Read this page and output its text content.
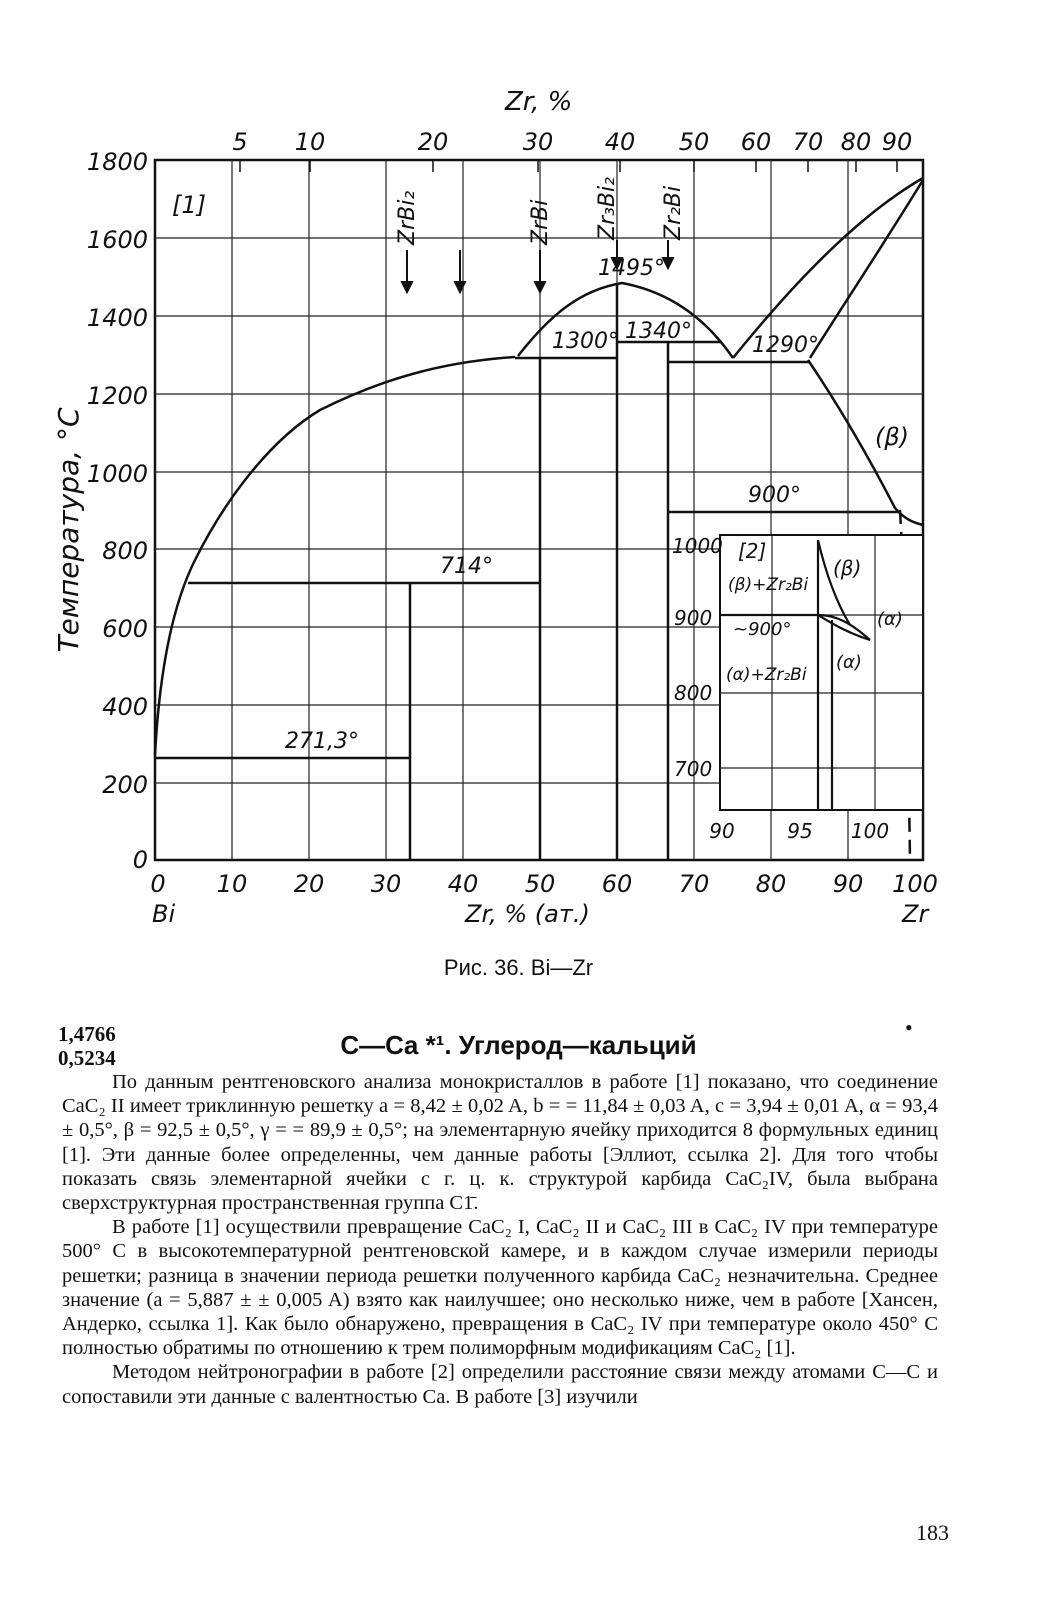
Zr, %
5 10	20	30 40 50 60 70 80 90
0
200
400
600
800
1000
1200
1400
1600
1800
Температура, °C
0 10 20 30 40 50 60 70 80 90 100
Zr, % (ат.)
Bi	Zr
[1]	ZrBi₂	ZrBi Zr₃Bi₂ Zr₂Bi
1495°
1300° 1340°
1290°
(β)
900°
714°
(α)
271,3°
1000
900
800
700
90	95 100
[2]
(β)+Zr₂Bi
(β)
~900°
(α)+Zr₂Bi
(α)
Рис. 36. Bi—Zr
1,4766
0,5234
•
C—Ca *¹. Углерод—кальций

По данным рентгеновского анализа монокристаллов в работе [1] показано, что соединение CaC₂ II имеет триклинную решетку a = 8,42 ± 0,02 A, b = = 11,84 ± 0,03 A, c = 3,94 ± 0,01 A, α = 93,4 ± 0,5°, β = 92,5 ± 0,5°, γ = = 89,9 ± 0,5°; на элементарную ячейку приходится 8 формульных единиц [1]. Эти данные более определенны, чем данные работы [Эллиот, ссылка 2]. Для того чтобы показать связь элементарной ячейки с г. ц. к. структурой карбида CaC₂IV, была выбрана сверхструктурная пространственная группа C1̄.

В работе [1] осуществили превращение CaC₂ I, CaC₂ II и CaC₂ III в CaC₂ IV при температуре 500° C в высокотемпературной рентгеновской камере, и в каждом случае измерили периоды решетки; разница в значении периода решетки полученного карбида CaC₂ незначительна. Среднее значение (a = 5,887 ± ± 0,005 A) взято как наилучшее; оно несколько ниже, чем в работе [Хансен, Андерко, ссылка 1]. Как было обнаружено, превращения в CaC₂ IV при температуре около 450° C полностью обратимы по отношению к трем полиморфным модификациям CaC₂ [1].

Методом нейтронографии в работе [2] определили расстояние связи между атомами C—C и сопоставили эти данные с валентностью Ca. В работе [3] изучили

183
